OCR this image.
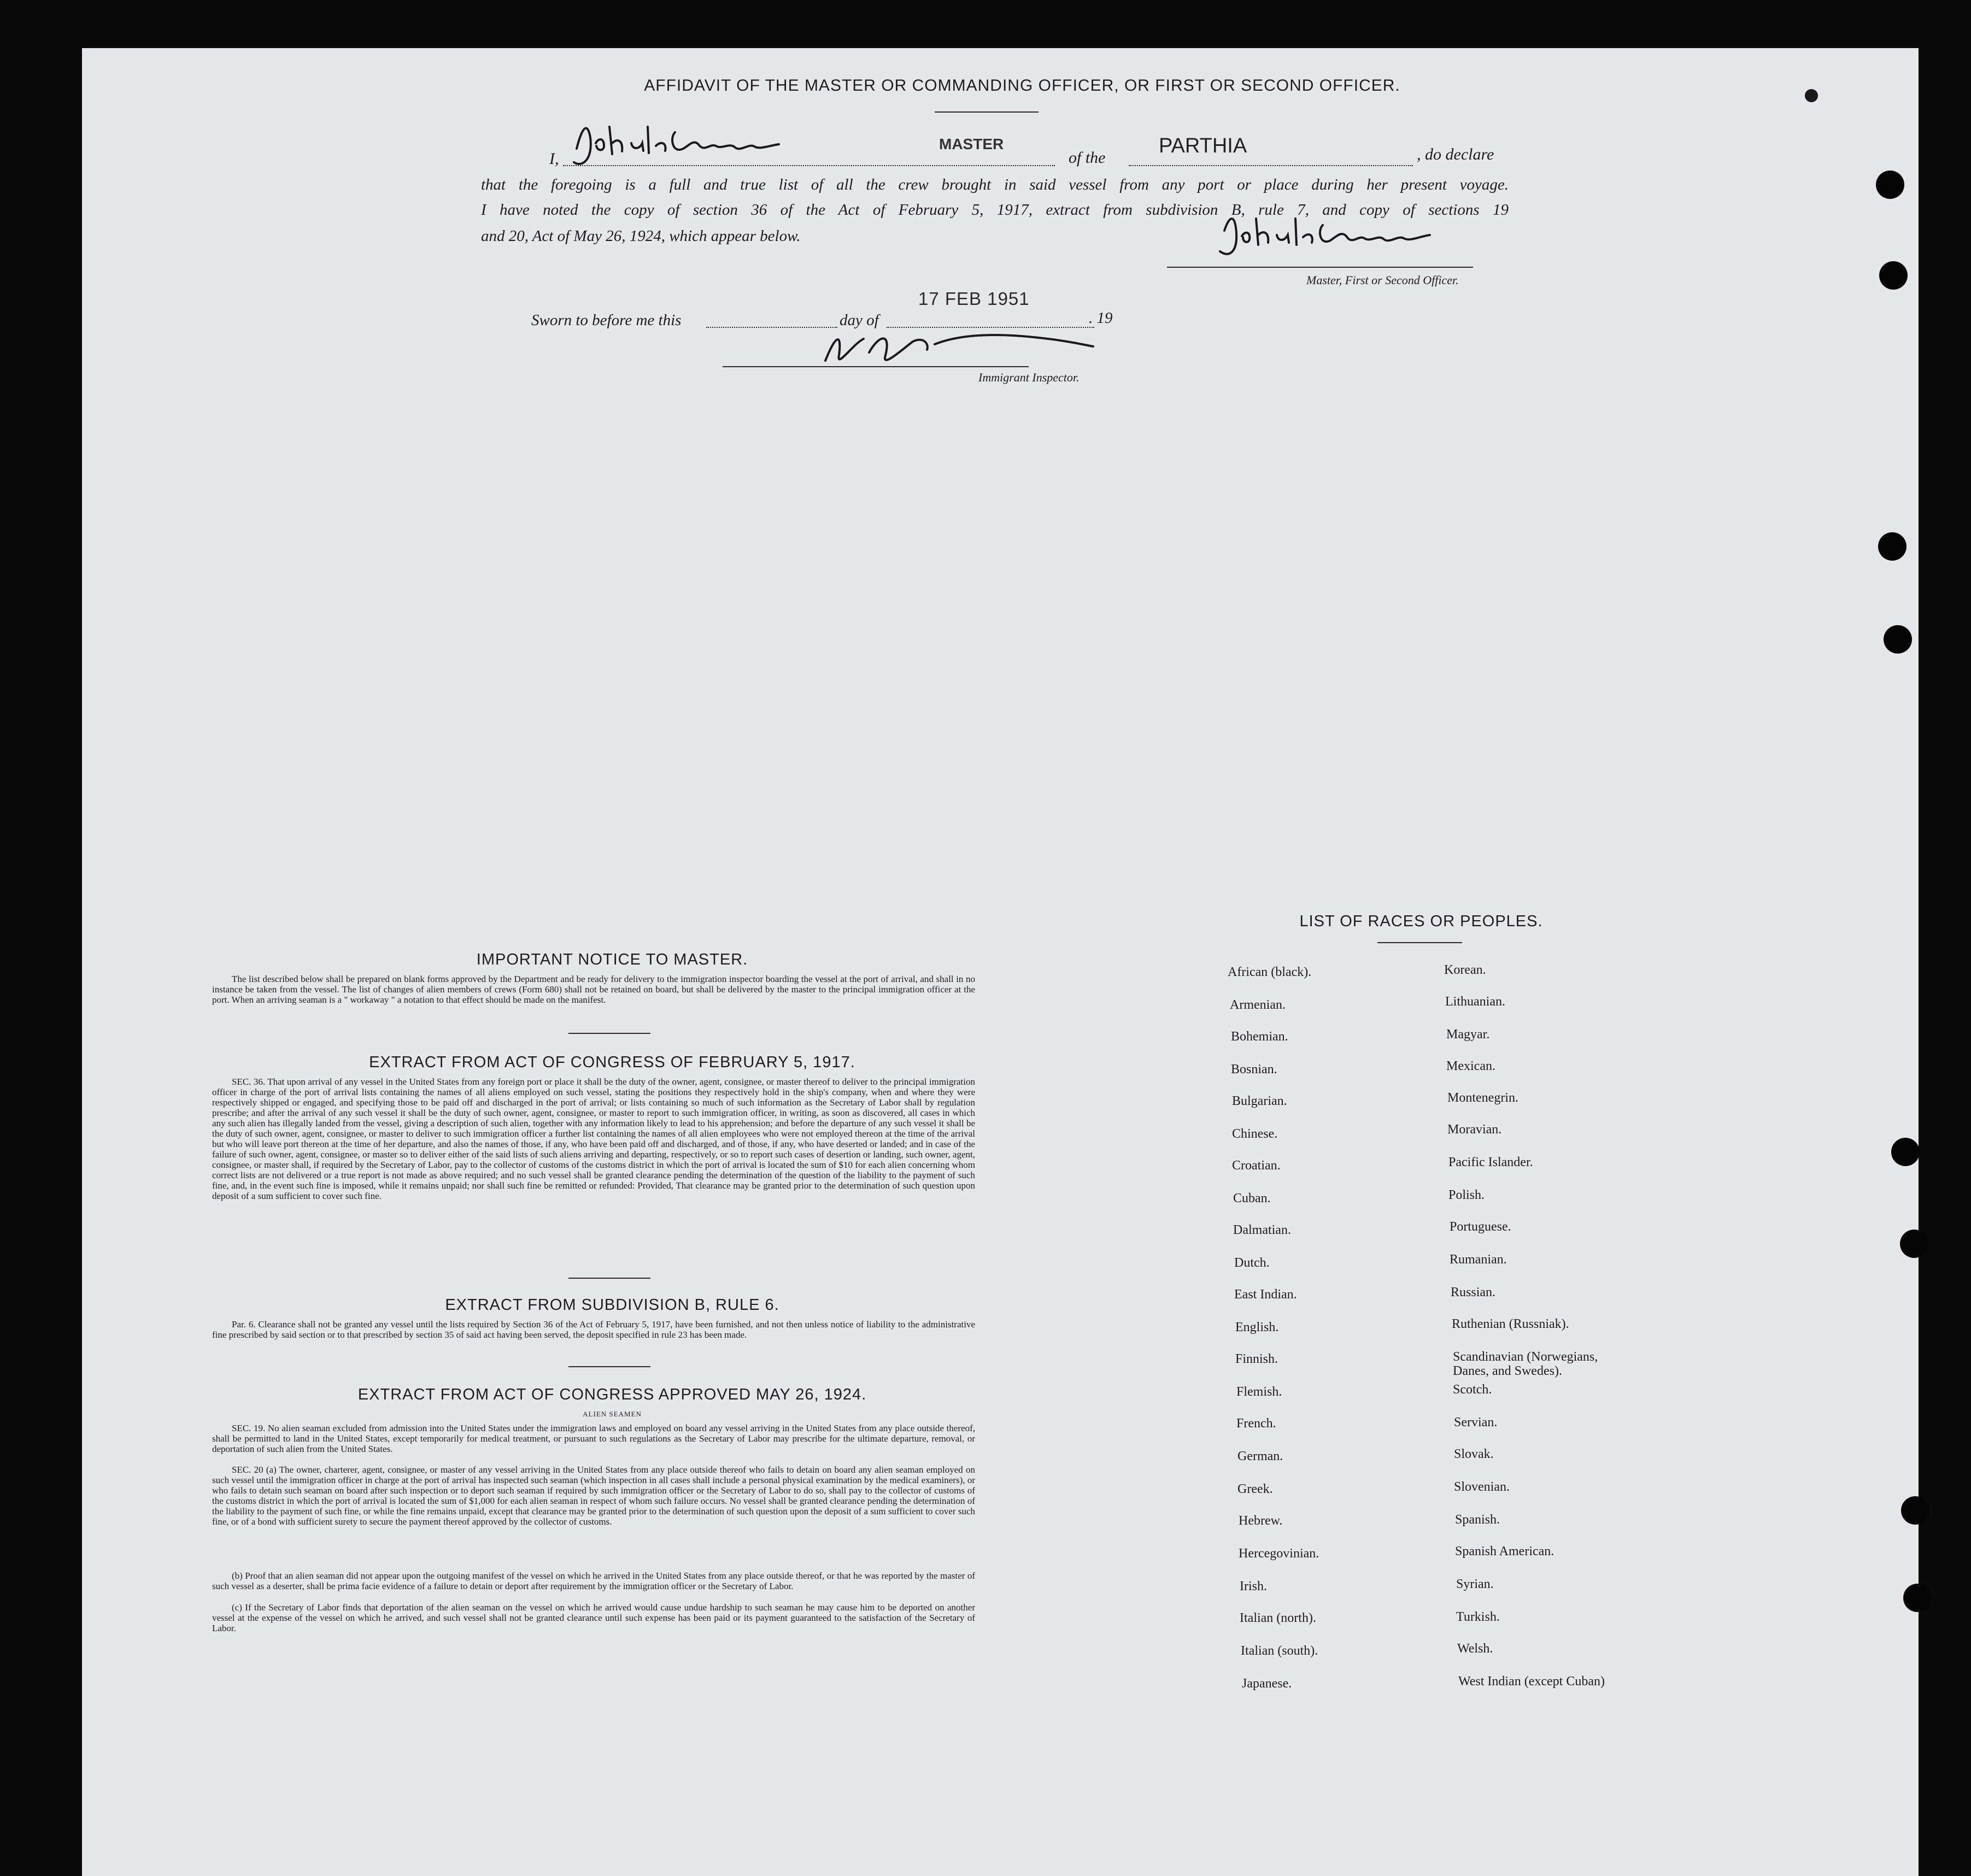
AFFIDAVIT OF THE MASTER OR COMMANDING OFFICER, OR FIRST OR SECOND OFFICER.
I,
MASTER
of the
PARTHIA	, do declare
that the foregoing is a full and true list of all the crew brought in said vessel from any port or place during her present voyage.
I have noted the copy of section 36 of the Act of February 5, 1917, extract from subdivision B, rule 7, and copy of sections 19
and 20, Act of May 26, 1924, which appear below.
Master, First or Second Officer.
Sworn to before me this	day of
17 FEB 1951
. 19
Immigrant Inspector.
IMPORTANT NOTICE TO MASTER.
The list described below shall be prepared on blank forms approved by the Department and be ready for delivery to the immigration inspector boarding the vessel at the port of arrival, and shall in no instance be taken from the vessel. The list of changes of alien members of crews (Form 680) shall not be retained on board, but shall be delivered by the master to the principal immigration officer at the port. When an arriving seaman is a " workaway " a notation to that effect should be made on the manifest.
EXTRACT FROM ACT OF CONGRESS OF FEBRUARY 5, 1917.
SEC. 36. That upon arrival of any vessel in the United States from any foreign port or place it shall be the duty of the owner, agent, consignee, or master thereof to deliver to the principal immigration officer in charge of the port of arrival lists containing the names of all aliens employed on such vessel, stating the positions they respectively hold in the ship's company, when and where they were respectively shipped or engaged, and specifying those to be paid off and discharged in the port of arrival; or lists containing so much of such information as the Secretary of Labor shall by regulation prescribe; and after the arrival of any such vessel it shall be the duty of such owner, agent, consignee, or master to report to such immigration officer, in writing, as soon as discovered, all cases in which any such alien has illegally landed from the vessel, giving a description of such alien, together with any information likely to lead to his apprehension; and before the departure of any such vessel it shall be the duty of such owner, agent, consignee, or master to deliver to such immigration officer a further list containing the names of all alien employees who were not employed thereon at the time of the arrival but who will leave port thereon at the time of her departure, and also the names of those, if any, who have been paid off and discharged, and of those, if any, who have deserted or landed; and in case of the failure of such owner, agent, consignee, or master so to deliver either of the said lists of such aliens arriving and departing, respectively, or so to report such cases of desertion or landing, such owner, agent, consignee, or master shall, if required by the Secretary of Labor, pay to the collector of customs of the customs district in which the port of arrival is located the sum of $10 for each alien concerning whom correct lists are not delivered or a true report is not made as above required; and no such vessel shall be granted clearance pending the determination of the question of the liability to the payment of such fine, and, in the event such fine is imposed, while it remains unpaid; nor shall such fine be remitted or refunded: Provided, That clearance may be granted prior to the determination of such question upon deposit of a sum sufficient to cover such fine.
EXTRACT FROM SUBDIVISION B, RULE 6.
Par. 6. Clearance shall not be granted any vessel until the lists required by Section 36 of the Act of February 5, 1917, have been furnished, and not then unless notice of liability to the administrative fine prescribed by said section or to that prescribed by section 35 of said act having been served, the deposit specified in rule 23 has been made.
EXTRACT FROM ACT OF CONGRESS APPROVED MAY 26, 1924.
ALIEN SEAMEN
SEC. 19. No alien seaman excluded from admission into the United States under the immigration laws and employed on board any vessel arriving in the United States from any place outside thereof, shall be permitted to land in the United States, except temporarily for medical treatment, or pursuant to such regulations as the Secretary of Labor may prescribe for the ultimate departure, removal, or deportation of such alien from the United States.
SEC. 20 (a) The owner, charterer, agent, consignee, or master of any vessel arriving in the United States from any place outside thereof who fails to detain on board any alien seaman employed on such vessel until the immigration officer in charge at the port of arrival has inspected such seaman (which inspection in all cases shall include a personal physical examination by the medical examiners), or who fails to detain such seaman on board after such inspection or to deport such seaman if required by such immigration officer or the Secretary of Labor to do so, shall pay to the collector of customs of the customs district in which the port of arrival is located the sum of $1,000 for each alien seaman in respect of whom such failure occurs. No vessel shall be granted clearance pending the determination of the liability to the payment of such fine, or while the fine remains unpaid, except that clearance may be granted prior to the determination of such question upon the deposit of a sum sufficient to cover such fine, or of a bond with sufficient surety to secure the payment thereof approved by the collector of customs.
(b) Proof that an alien seaman did not appear upon the outgoing manifest of the vessel on which he arrived in the United States from any place outside thereof, or that he was reported by the master of such vessel as a deserter, shall be prima facie evidence of a failure to detain or deport after requirement by the immigration officer or the Secretary of Labor.
(c) If the Secretary of Labor finds that deportation of the alien seaman on the vessel on which he arrived would cause undue hardship to such seaman he may cause him to be deported on another vessel at the expense of the vessel on which he arrived, and such vessel shall not be granted clearance until such expense has been paid or its payment guaranteed to the satisfaction of the Secretary of Labor.
LIST OF RACES OR PEOPLES.
African (black).
Armenian.
Bohemian.
Bosnian.
Bulgarian.
Chinese.
Croatian.
Cuban.
Dalmatian.
Dutch.
East Indian.
English.
Finnish.
Flemish.
French.
German.
Greek.
Hebrew.
Hercegovinian.
Irish.
Italian (north).
Italian (south).
Japanese.
Korean.
Lithuanian.
Magyar.
Mexican.
Montenegrin.
Moravian.
Pacific Islander.
Polish.
Portuguese.
Rumanian.
Russian.
Ruthenian (Russniak).
Scandinavian (Norwegians,
Danes, and Swedes).
Scotch.
Servian.
Slovak.
Slovenian.
Spanish.
Spanish American.
Syrian.
Turkish.
Welsh.
West Indian (except Cuban)
